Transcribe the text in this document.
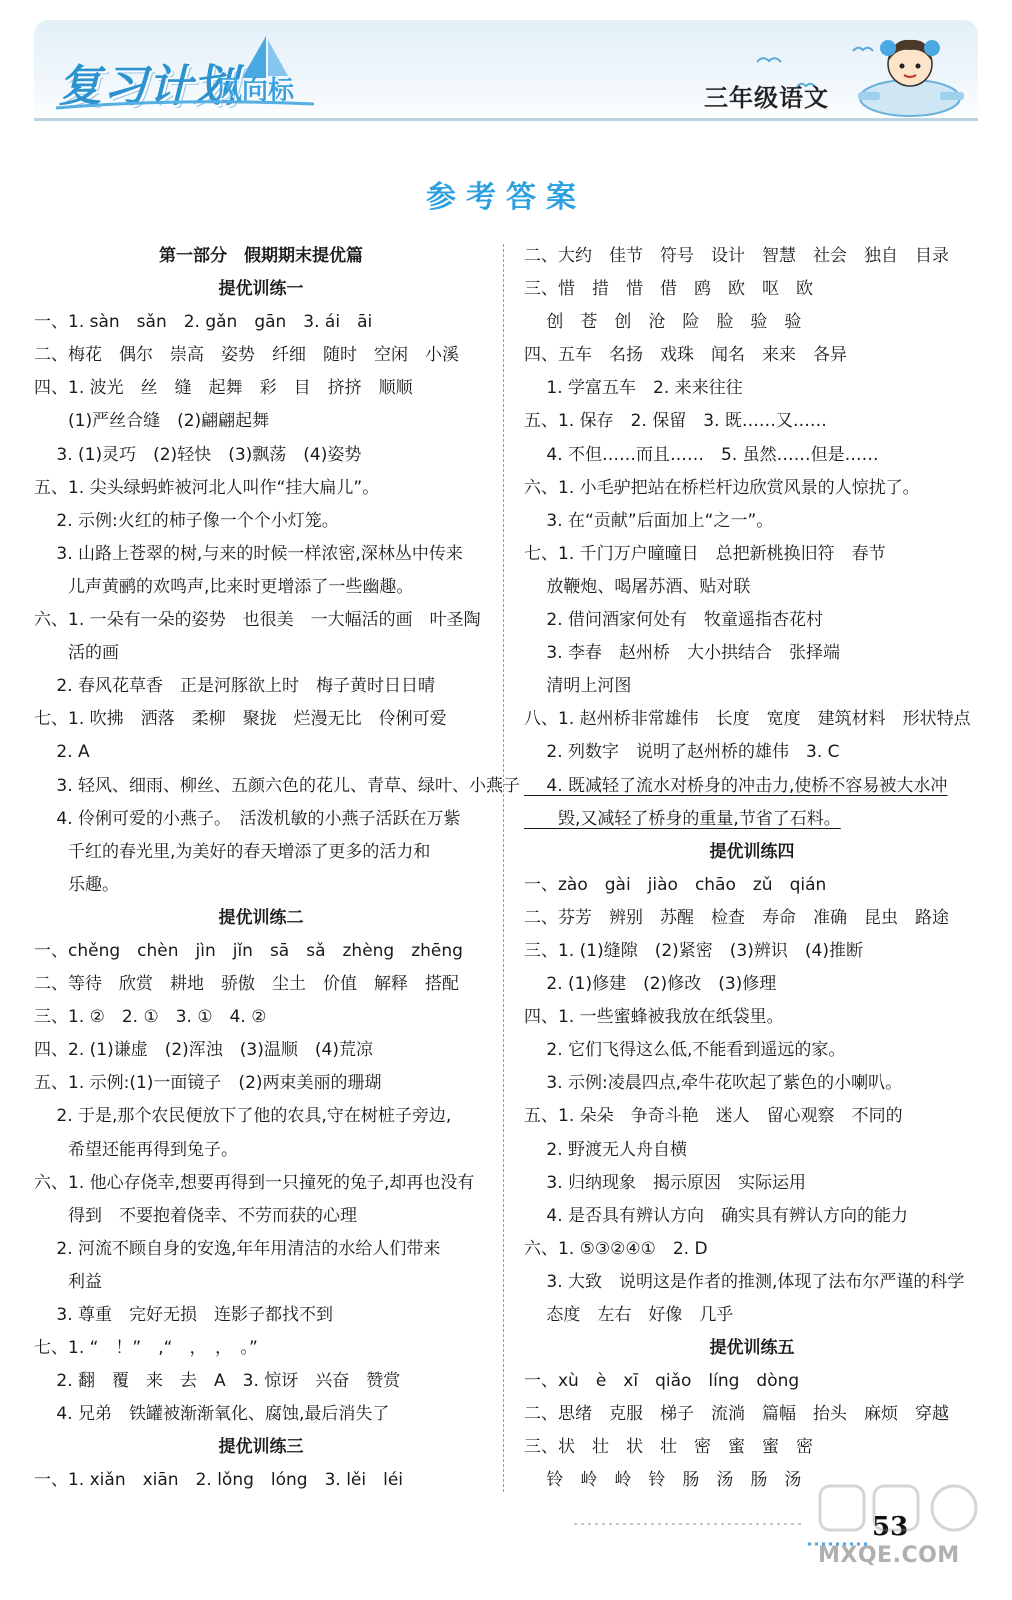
复习计划
风向标	三年级语文
参考答案
第一部分　假期期末提优篇
提优训练一
一、1. sàn　sǎn　2. gǎn　gān　3. ái　āi
二、梅花　偶尔　崇高　姿势　纤细　随时　空闲　小溪
四、1. 波光　丝　缝　起舞　彩　目　挤挤　顺顺
　　(1)严丝合缝　(2)翩翩起舞
　 3. (1)灵巧　(2)轻快　(3)飘荡　(4)姿势
五、1. 尖头绿蚂蚱被河北人叫作“挂大扁儿”。
　 2. 示例:火红的柿子像一个个小灯笼。
　 3. 山路上苍翠的树,与来的时候一样浓密,深林丛中传来
　　儿声黄鹂的欢鸣声,比来时更增添了一些幽趣。
六、1. 一朵有一朵的姿势　也很美　一大幅活的画　叶圣陶
　　活的画
　 2. 春风花草香　正是河豚欲上时　梅子黄时日日晴
七、1. 吹拂　洒落　柔柳　聚拢　烂漫无比　伶俐可爱
　 2. A
　 3. 轻风、细雨、柳丝、五颜六色的花儿、青草、绿叶、小燕子
　 4. 伶俐可爱的小燕子。　活泼机敏的小燕子活跃在万紫
　　千红的春光里,为美好的春天增添了更多的活力和
　　乐趣。
提优训练二
一、chěng　chèn　jìn　jǐn　sā　sǎ　zhèng　zhēng
二、等待　欣赏　耕地　骄傲　尘土　价值　解释　搭配
三、1. ②　2. ①　3. ①　4. ②
四、2. (1)谦虚　(2)浑浊　(3)温顺　(4)荒凉
五、1. 示例:(1)一面镜子　(2)两束美丽的珊瑚
　 2. 于是,那个农民便放下了他的农具,守在树桩子旁边,
　　希望还能再得到兔子。
六、1. 他心存侥幸,想要再得到一只撞死的兔子,却再也没有
　　得到　不要抱着侥幸、不劳而获的心理
　 2. 河流不顾自身的安逸,年年用清洁的水给人们带来
　　利益
　 3. 尊重　完好无损　连影子都找不到
七、1. “　！”　,“　，　，　。”
　 2. 翻　覆　来　去　A　3. 惊讶　兴奋　赞赏
　 4. 兄弟　铁罐被渐渐氧化、腐蚀,最后消失了
提优训练三
一、1. xiǎn　xiān　2. lǒng　lóng　3. lěi　léi
二、大约　佳节　符号　设计　智慧　社会　独自　目录
三、惜　措　惜　借　鸥　欧　呕　欧
　 创　苍　创　沧　险　脸　验　验
四、五车　名扬　戏珠　闻名　来来　各异
　 1. 学富五车　2. 来来往往
五、1. 保存　2. 保留　3. 既……又……
　 4. 不但……而且……　5. 虽然……但是……
六、1. 小毛驴把站在桥栏杆边欣赏风景的人惊扰了。
　 3. 在“贡献”后面加上“之一”。
七、1. 千门万户曈曈日　总把新桃换旧符　春节
　 放鞭炮、喝屠苏酒、贴对联
　 2. 借问酒家何处有　牧童遥指杏花村
　 3. 李春　赵州桥　大小拱结合　张择端
　 清明上河图
八、1. 赵州桥非常雄伟　长度　宽度　建筑材料　形状特点
　 2. 列数字　说明了赵州桥的雄伟　3. C
　 4. 既减轻了流水对桥身的冲击力,使桥不容易被大水冲
　　毁,又减轻了桥身的重量,节省了石料。
提优训练四
一、zào　gài　jiào　chāo　zǔ　qián
二、芬芳　辨别　苏醒　检查　寿命　准确　昆虫　路途
三、1. (1)缝隙　(2)紧密　(3)辨识　(4)推断
　 2. (1)修建　(2)修改　(3)修理
四、1. 一些蜜蜂被我放在纸袋里。
　 2. 它们飞得这么低,不能看到遥远的家。
　 3. 示例:凌晨四点,牵牛花吹起了紫色的小喇叭。
五、1. 朵朵　争奇斗艳　迷人　留心观察　不同的
　 2. 野渡无人舟自横
　 3. 归纳现象　揭示原因　实际运用
　 4. 是否具有辨认方向　确实具有辨认方向的能力
六、1. ⑤③②④①　2. D
　 3. 大致　说明这是作者的推测,体现了法布尔严谨的科学
　 态度　左右　好像　几乎
提优训练五
一、xù　è　xī　qiǎo　líng　dòng
二、思绪　克服　梯子　流淌　篇幅　抬头　麻烦　穿越
三、状　壮　状　壮　密　蜜　蜜　密
　 铃　岭　岭　铃　肠　汤　肠　汤
53
MXQE.COM
